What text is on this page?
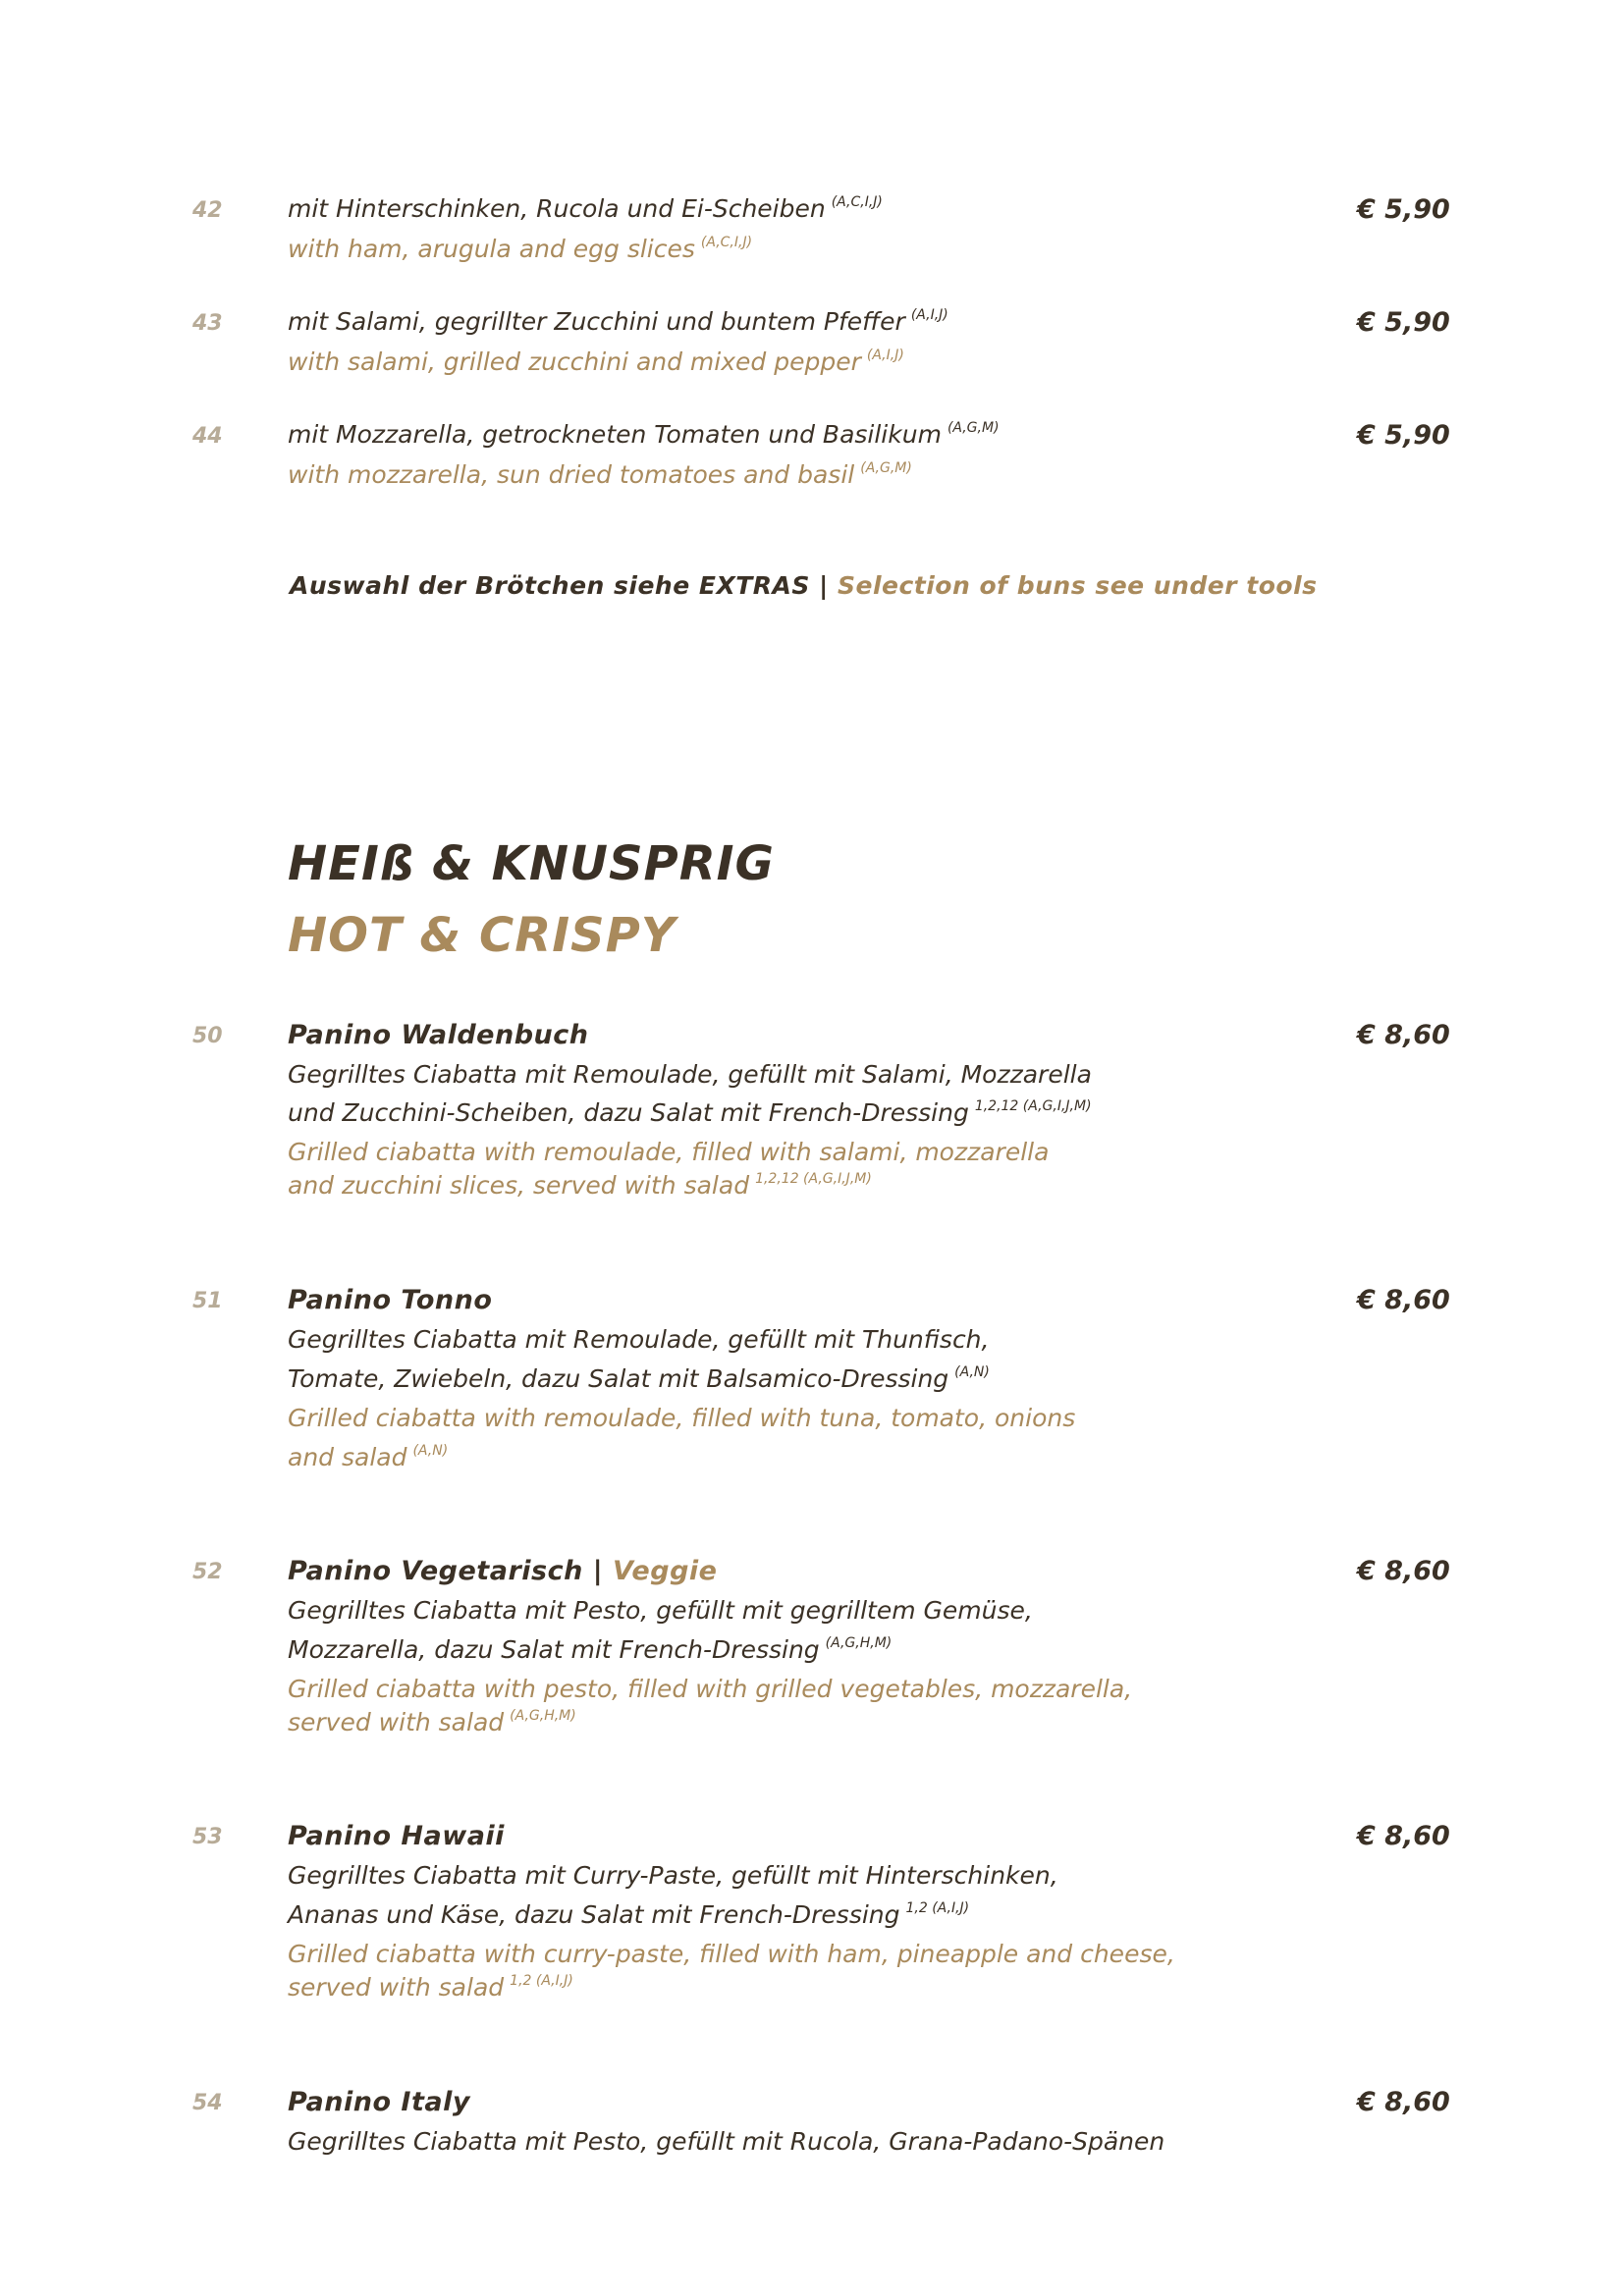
42	mit Hinterschinken, Rucola und Ei-Scheiben $^{(A,C,I,J)}$
with ham, arugula and egg slices $^{(A,C,I,J)}$
€ 5,90
43	mit Salami, gegrillter Zucchini und buntem Pfeffer $^{(A,I,J)}$
with salami, grilled zucchini and mixed pepper $^{(A,I,J)}$
€ 5,90
44	mit Mozzarella, getrockneten Tomaten und Basilikum $^{(A,G,M)}$
with mozzarella, sun dried tomatoes and basil $^{(A,G,M)}$
€ 5,90
Auswahl der Brötchen siehe EXTRAS | Selection of buns see under tools
HEIß & KNUSPRIG
HOT & CRISPY
50 Panino Waldenbuch	€ 8,60
Gegrilltes Ciabatta mit Remoulade, gefüllt mit Salami, Mozzarella
und Zucchini-Scheiben, dazu Salat mit French-Dressing $^{1,2,12 (A,G,I,J,M)}$
Grilled ciabatta with remoulade, filled with salami, mozzarella
and zucchini slices, served with salad $^{1,2,12 (A,G,I,J,M)}$
51 Panino Tonno	€ 8,60
Gegrilltes Ciabatta mit Remoulade, gefüllt mit Thunfisch,
Tomate, Zwiebeln, dazu Salat mit Balsamico-Dressing $^{(A,N)}$
Grilled ciabatta with remoulade, filled with tuna, tomato, onions
and salad $^{(A,N)}$
52 Panino Vegetarisch | Veggie	€ 8,60
Gegrilltes Ciabatta mit Pesto, gefüllt mit gegrilltem Gemüse,
Mozzarella, dazu Salat mit French-Dressing $^{(A,G,H,M)}$
Grilled ciabatta with pesto, filled with grilled vegetables, mozzarella,
served with salad $^{(A,G,H,M)}$
53 Panino Hawaii	€ 8,60
Gegrilltes Ciabatta mit Curry-Paste, gefüllt mit Hinterschinken,
Ananas und Käse, dazu Salat mit French-Dressing $^{1,2 (A,I,J)}$
Grilled ciabatta with curry-paste, filled with ham, pineapple and cheese,
served with salad $^{1,2 (A,I,J)}$
54 Panino Italy	€ 8,60
Gegrilltes Ciabatta mit Pesto, gefüllt mit Rucola, Grana-Padano-Spänen
